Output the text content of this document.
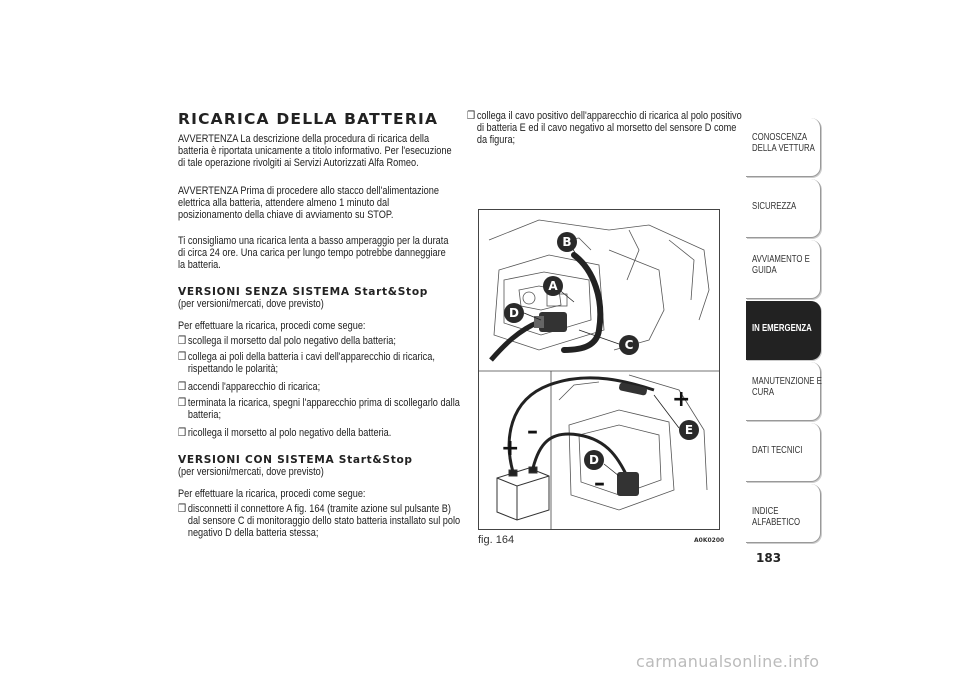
RICARICA DELLA BATTERIA
AVVERTENZA La descrizione della procedura di ricarica della batteria è riportata unicamente a titolo informativo. Per l'esecuzione di tale operazione rivolgiti ai Servizi Autorizzati Alfa Romeo.
AVVERTENZA Prima di procedere allo stacco dell'alimentazione elettrica alla batteria, attendere almeno 1 minuto dal posizionamento della chiave di avviamento su STOP.
Ti consigliamo una ricarica lenta a basso amperaggio per la durata di circa 24 ore. Una carica per lungo tempo potrebbe danneggiare la batteria.
VERSIONI SENZA SISTEMA Start&Stop
(per versioni/mercati, dove previsto)
Per effettuare la ricarica, procedi come segue:
❒ scollega il morsetto dal polo negativo della batteria;
❒ collega ai poli della batteria i cavi dell'apparecchio di ricarica, rispettando le polarità;
❒ accendi l'apparecchio di ricarica;
❒ terminata la ricarica, spegni l'apparecchio prima di scollegarlo dalla batteria;
❒ ricollega il morsetto al polo negativo della batteria.
VERSIONI CON SISTEMA Start&Stop
(per versioni/mercati, dove previsto)
Per effettuare la ricarica, procedi come segue:
❒ disconnetti il connettore A fig. 164 (tramite azione sul pulsante B) dal sensore C di monitoraggio dello stato batteria installato sul polo negativo D della batteria stessa;
❒ collega il cavo positivo dell'apparecchio di ricarica al polo positivo di batteria E ed il cavo negativo al morsetto del sensore D come da figura;
B
A
D
C
+
+
–
–
E
D
fig. 164	A0K0200
CONOSCENZA DELLA VETTURA
SICUREZZA
AVVIAMENTO E GUIDA
IN EMERGENZA
MANUTENZIONE E CURA
DATI TECNICI
INDICE ALFABETICO
183
carmanualsonline.info
